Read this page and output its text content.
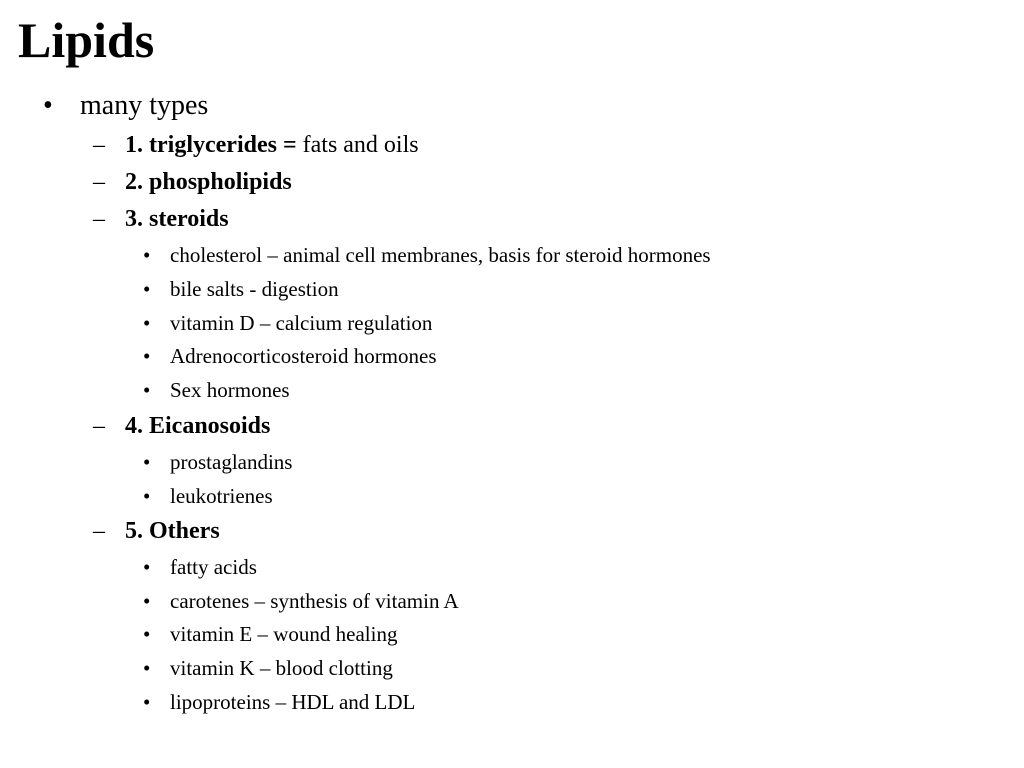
Lipids
• many types
– 1. triglycerides = fats and oils
– 2. phospholipids
– 3. steroids
• cholesterol – animal cell membranes, basis for steroid hormones
• bile salts - digestion
• vitamin D – calcium regulation
• Adrenocorticosteroid hormones
• Sex hormones
– 4. Eicanosoids
• prostaglandins
• leukotrienes
– 5. Others
• fatty acids
• carotenes – synthesis of vitamin A
• vitamin E – wound healing
• vitamin K – blood clotting
• lipoproteins – HDL and LDL
